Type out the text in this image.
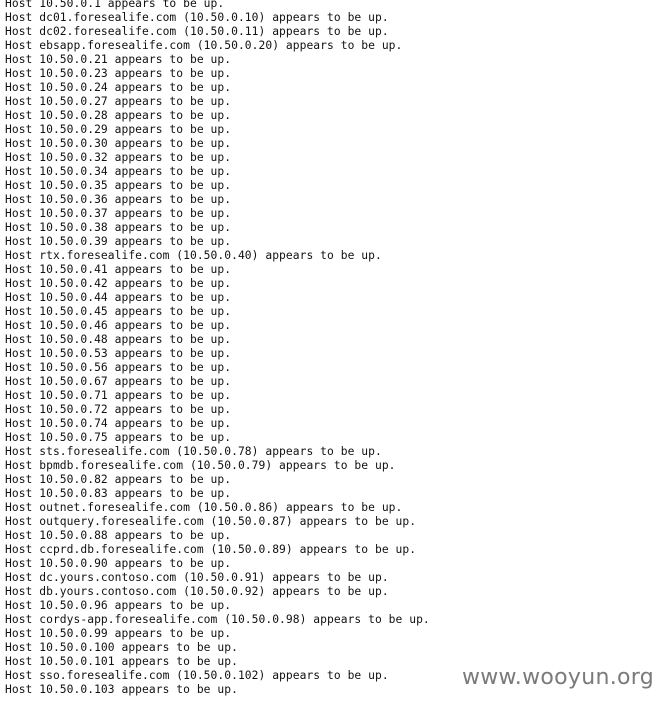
Host 10.50.0.1 appears to be up.
Host dc01.foresealife.com (10.50.0.10) appears to be up.
Host dc02.foresealife.com (10.50.0.11) appears to be up.
Host ebsapp.foresealife.com (10.50.0.20) appears to be up.
Host 10.50.0.21 appears to be up.
Host 10.50.0.23 appears to be up.
Host 10.50.0.24 appears to be up.
Host 10.50.0.27 appears to be up.
Host 10.50.0.28 appears to be up.
Host 10.50.0.29 appears to be up.
Host 10.50.0.30 appears to be up.
Host 10.50.0.32 appears to be up.
Host 10.50.0.34 appears to be up.
Host 10.50.0.35 appears to be up.
Host 10.50.0.36 appears to be up.
Host 10.50.0.37 appears to be up.
Host 10.50.0.38 appears to be up.
Host 10.50.0.39 appears to be up.
Host rtx.foresealife.com (10.50.0.40) appears to be up.
Host 10.50.0.41 appears to be up.
Host 10.50.0.42 appears to be up.
Host 10.50.0.44 appears to be up.
Host 10.50.0.45 appears to be up.
Host 10.50.0.46 appears to be up.
Host 10.50.0.48 appears to be up.
Host 10.50.0.53 appears to be up.
Host 10.50.0.56 appears to be up.
Host 10.50.0.67 appears to be up.
Host 10.50.0.71 appears to be up.
Host 10.50.0.72 appears to be up.
Host 10.50.0.74 appears to be up.
Host 10.50.0.75 appears to be up.
Host sts.foresealife.com (10.50.0.78) appears to be up.
Host bpmdb.foresealife.com (10.50.0.79) appears to be up.
Host 10.50.0.82 appears to be up.
Host 10.50.0.83 appears to be up.
Host outnet.foresealife.com (10.50.0.86) appears to be up.
Host outquery.foresealife.com (10.50.0.87) appears to be up.
Host 10.50.0.88 appears to be up.
Host ccprd.db.foresealife.com (10.50.0.89) appears to be up.
Host 10.50.0.90 appears to be up.
Host dc.yours.contoso.com (10.50.0.91) appears to be up.
Host db.yours.contoso.com (10.50.0.92) appears to be up.
Host 10.50.0.96 appears to be up.
Host cordys-app.foresealife.com (10.50.0.98) appears to be up.
Host 10.50.0.99 appears to be up.
Host 10.50.0.100 appears to be up.
Host 10.50.0.101 appears to be up.
Host sso.foresealife.com (10.50.0.102) appears to be up.
Host 10.50.0.103 appears to be up.	www.wooyun.org
